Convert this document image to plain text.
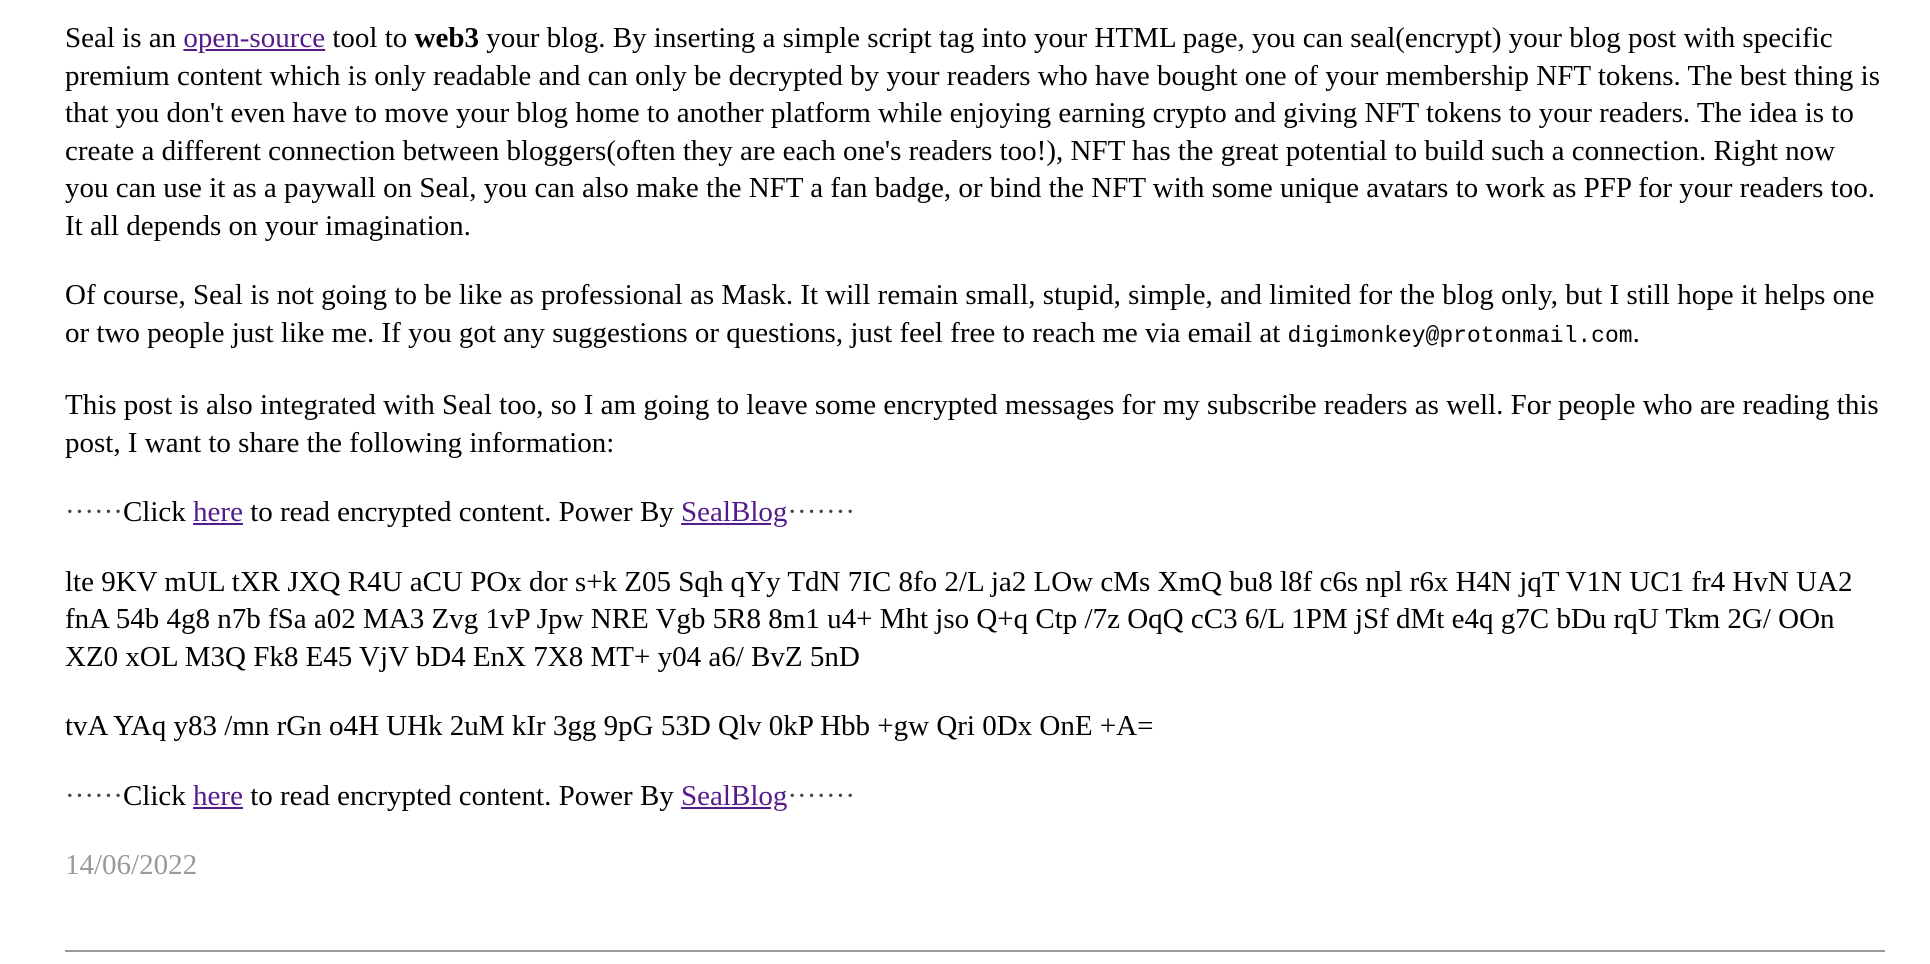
Seal is an open-source tool to web3 your blog. By inserting a simple script tag into your HTML page, you can seal(encrypt) your blog post with specific premium content which is only readable and can only be decrypted by your readers who have bought one of your membership NFT tokens. The best thing is that you don't even have to move your blog home to another platform while enjoying earning crypto and giving NFT tokens to your readers. The idea is to create a different connection between bloggers(often they are each one's readers too!), NFT has the great potential to build such a connection. Right now you can use it as a paywall on Seal, you can also make the NFT a fan badge, or bind the NFT with some unique avatars to work as PFP for your readers too. It all depends on your imagination.

Of course, Seal is not going to be like as professional as Mask. It will remain small, stupid, simple, and limited for the blog only, but I still hope it helps one or two people just like me. If you got any suggestions or questions, just feel free to reach me via email at digimonkey@protonmail.com.

This post is also integrated with Seal too, so I am going to leave some encrypted messages for my subscribe readers as well. For people who are reading this post, I want to share the following information:

······Click here to read encrypted content. Power By SealBlog·······

lte 9KV mUL tXR JXQ R4U aCU POx dor s+k Z05 Sqh qYy TdN 7IC 8fo 2/L ja2 LOw cMs XmQ bu8 l8f c6s npl r6x H4N jqT V1N UC1 fr4 HvN UA2 fnA 54b 4g8 n7b fSa a02 MA3 Zvg 1vP Jpw NRE Vgb 5R8 8m1 u4+ Mht jso Q+q Ctp /7z OqQ cC3 6/L 1PM jSf dMt e4q g7C bDu rqU Tkm 2G/ OOn XZ0 xOL M3Q Fk8 E45 VjV bD4 EnX 7X8 MT+ y04 a6/ BvZ 5nD

tvA YAq y83 /mn rGn o4H UHk 2uM kIr 3gg 9pG 53D Qlv 0kP Hbb +gw Qri 0Dx OnE +A=

······Click here to read encrypted content. Power By SealBlog·······

14/06/2022
